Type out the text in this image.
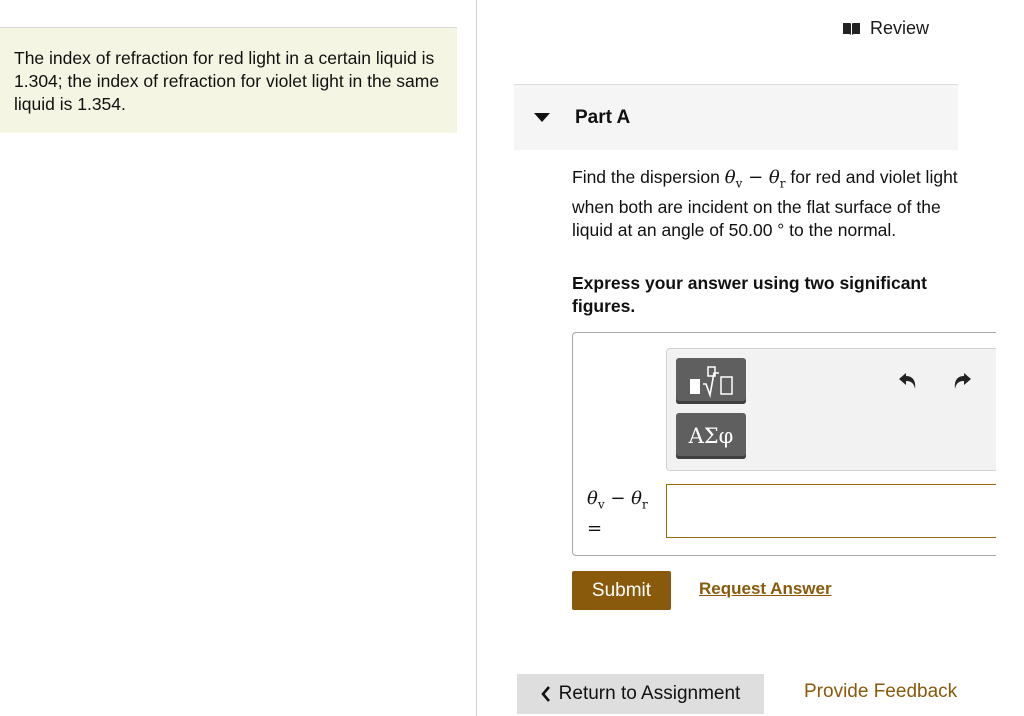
The index of refraction for red light in a certain liquid is 1.304; the index of refraction for violet light in the same liquid is 1.354.
Review
Part A
Find the dispersion $\theta_v - \theta_r$ for red and violet light when both are incident on the flat surface of the liquid at an angle of 50.00 ° to the normal.
Express your answer using two significant figures.
ΑΣφ
$\theta_v - \theta_r$
=
Submit	Request Answer
Return to Assignment	Provide Feedback
